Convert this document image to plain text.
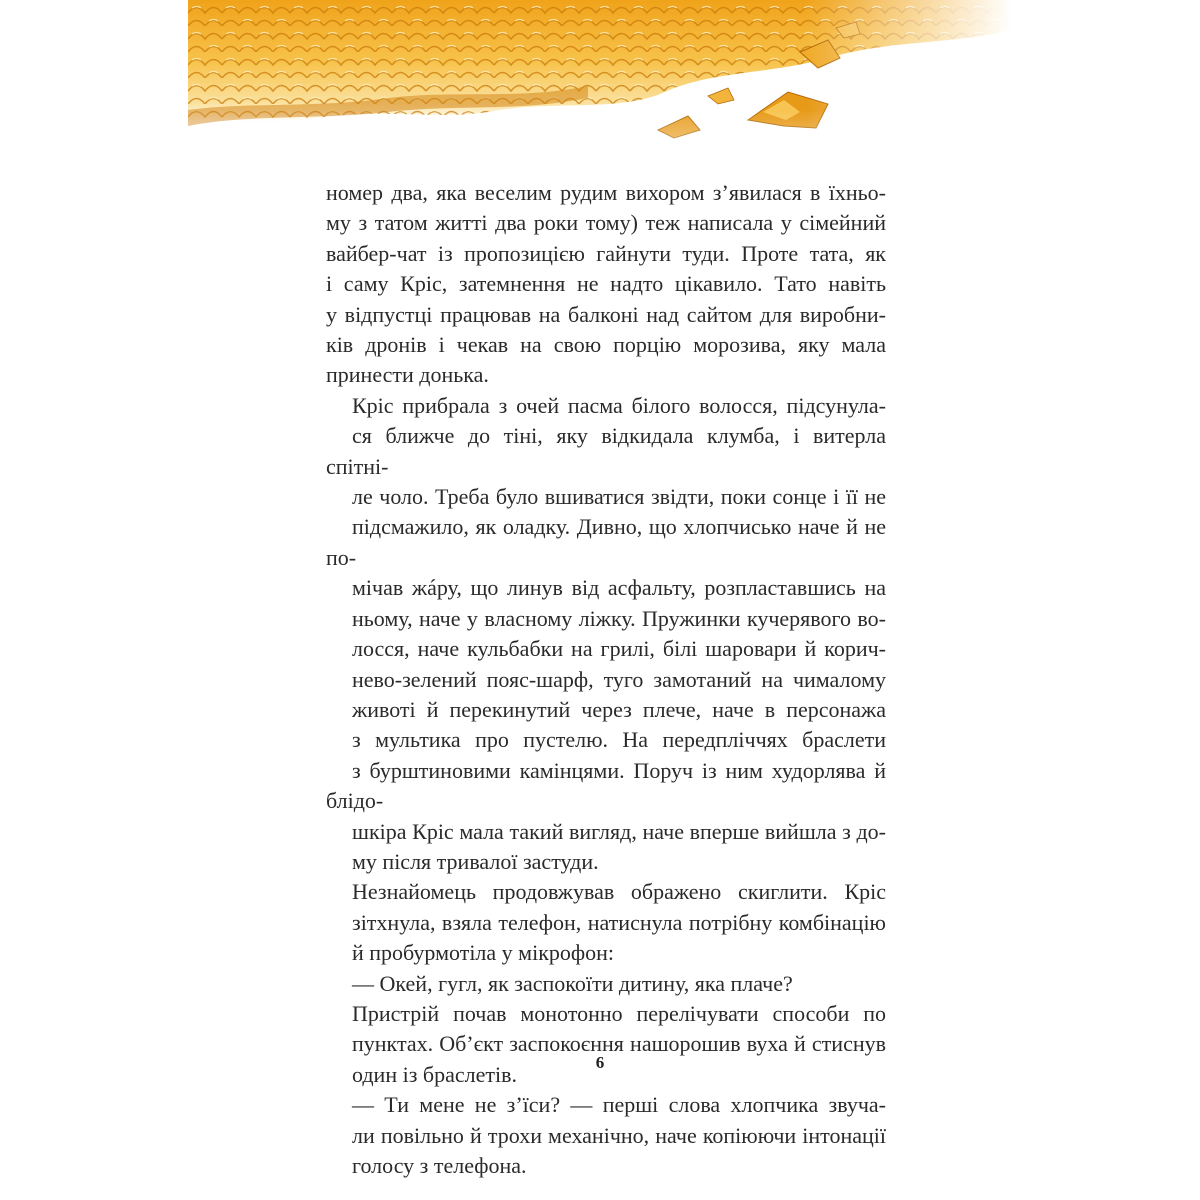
номер два, яка веселим рудим вихором з’явилася в їхньо-
му з татом житті два роки тому) теж написала у сімейний
вайбер-чат із пропозицією гайнути туди. Проте тата, як
і саму Кріс, затемнення не надто цікавило. Тато навіть
у відпустці працював на балконі над сайтом для виробни-
ків дронів і чекав на свою порцію морозива, яку мала
принести донька.

Кріс прибрала з очей пасма білого волосся, підсунула-
ся ближче до тіні, яку відкидала клумба, і витерла спітні-
ле чоло. Треба було вшиватися звідти, поки сонце і її не
підсмажило, як оладку. Дивно, що хлопчисько наче й не по-
мічав жáру, що линув від асфальту, розпластавшись на
ньому, наче у власному ліжку. Пружинки кучерявого во-
лосся, наче кульбабки на грилі, білі шаровари й корич-
нево-зелений пояс-шарф, туго замотаний на чималому
животі й перекинутий через плече, наче в персонажа
з мультика про пустелю. На передпліччях браслети
з бурштиновими камінцями. Поруч із ним худорлява й блідо-
шкіра Кріс мала такий вигляд, наче вперше вийшла з до-
му після тривалої застуди.

Незнайомець продовжував ображено скиглити. Кріс
зітхнула, взяла телефон, натиснула потрібну комбінацію
й пробурмотіла у мікрофон:

— Окей, гугл, як заспокоїти дитину, яка плаче?

Пристрій почав монотонно перелічувати способи по
пунктах. Об’єкт заспокоєння нашорошив вуха й стиснув
один із браслетів.

— Ти мене не з’їси? — перші слова хлопчика звуча-
ли повільно й трохи механічно, наче копіюючи інтонації
голосу з телефона.

6
